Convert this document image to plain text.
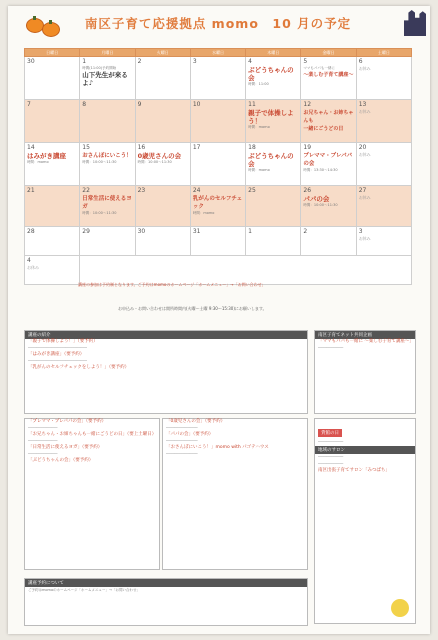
南区子育て応援拠点 momo　10 月の予定
日曜日	月曜日	火曜日	水曜日	木曜日	金曜日	土曜日

30	1
時間(11:00)予約開始
山下先生が来るよ♪	2	3	4
ぶどうちゃんの会
時間：11:00	5
ママもパパも一緒に
～楽しむ子育て講座～	6
お休み

7	8	9	10	11
親子で体操しよう！
時間：momo	12
お兄ちゃん・お姉ちゃんも
一緒にごうどの日	13
お休み

14
はみがき講座
時間：momo	15
おさんぽにいこう！
時間：10:00～11:30	16
0歳児さんの会
時間：10:00～11:30	17	18
ぶどうちゃんの会
時間：momo	19
プレママ・プレパパの会
時間：13:30～14:30	20
お休み

21	22
日常生活に使えるヨガ
時間：10:00～11:30	23	24
乳がんのセルフチェック
時間：momo	25	26
パパの会
時間：10:00～11:30	27
お休み

28	29	30	31	1	2	3
お休み

4
お休み						

講座の参加は予約制となります。ご予約はmomoのホームページ「ホームメニュー」→「お問い合わせ」
お申込み・お問い合わせは開所時間内(火曜～土曜 9:30～15:30)にお願いします。
講座の紹介
「親子で体操しよう！」（要予約）
────────────────────────────
「はみがき講座」（要予約）
────────────────────────────
「乳がんのセルフチェックをしよう！」（要予約）
南区子育てネット共同企画
「ママもパパも一緒に ～楽しむ子育て講座～」
────────────
「プレママ・プレパパの会」（要予約）
──────────────
「お兄ちゃん・お姉ちゃんも一緒にごうどの日」（要上土曜日）
──────────────
「日常生活に使えるヨガ」（要予約）
──────────────
「ぶどうちゃんの会」（要予約）
「0歳児さんの会」（要予約）
───────────────
「パパの会」（要予約）
───────────────
「おさんぽにいこう！」momo with パゴテハウス
───────────────
貸館の日
────────────
地域のサロン
────────────
────────────
南区出張子育てサロン「みつばち」
講座予約について
ご予約はmomoのホームページ「ホームメニュー」→「お問い合わせ」
